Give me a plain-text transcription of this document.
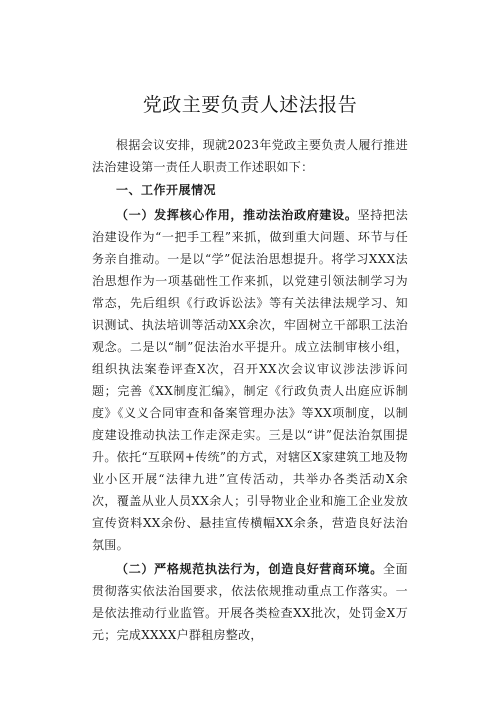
党政主要负责人述法报告

根据会议安排，现就2023年党政主要负责人履行推进法治建设第一责任人职责工作述职如下：

一、工作开展情况

（一）发挥核心作用，推动法治政府建设。坚持把法治建设作为“一把手工程”来抓，做到重大问题、环节与任务亲自推动。一是以“学”促法治思想提升。将学习XXX法治思想作为一项基础性工作来抓，以党建引领法制学习为常态，先后组织《行政诉讼法》等有关法律法规学习、知识测试、执法培训等活动XX余次，牢固树立干部职工法治观念。二是以“制”促法治水平提升。成立法制审核小组，组织执法案卷评查X次，召开XX次会议审议涉法涉诉问题；完善《XX制度汇编》，制定《行政负责人出庭应诉制度》《义义合同审查和备案管理办法》等XX项制度，以制度建设推动执法工作走深走实。三是以“讲”促法治氛围提升。依托“互联网+传统”的方式，对辖区X家建筑工地及物业小区开展“法律九进”宣传活动，共举办各类活动X余次，覆盖从业人员XX余人；引导物业企业和施工企业发放宣传资料XX余份、悬挂宣传横幅XX余条，营造良好法治氛围。

（二）严格规范执法行为，创造良好营商环境。全面贯彻落实依法治国要求，依法依规推动重点工作落实。一是依法推动行业监管。开展各类检查XX批次，处罚金X万元；完成XXXX户群租房整改，
